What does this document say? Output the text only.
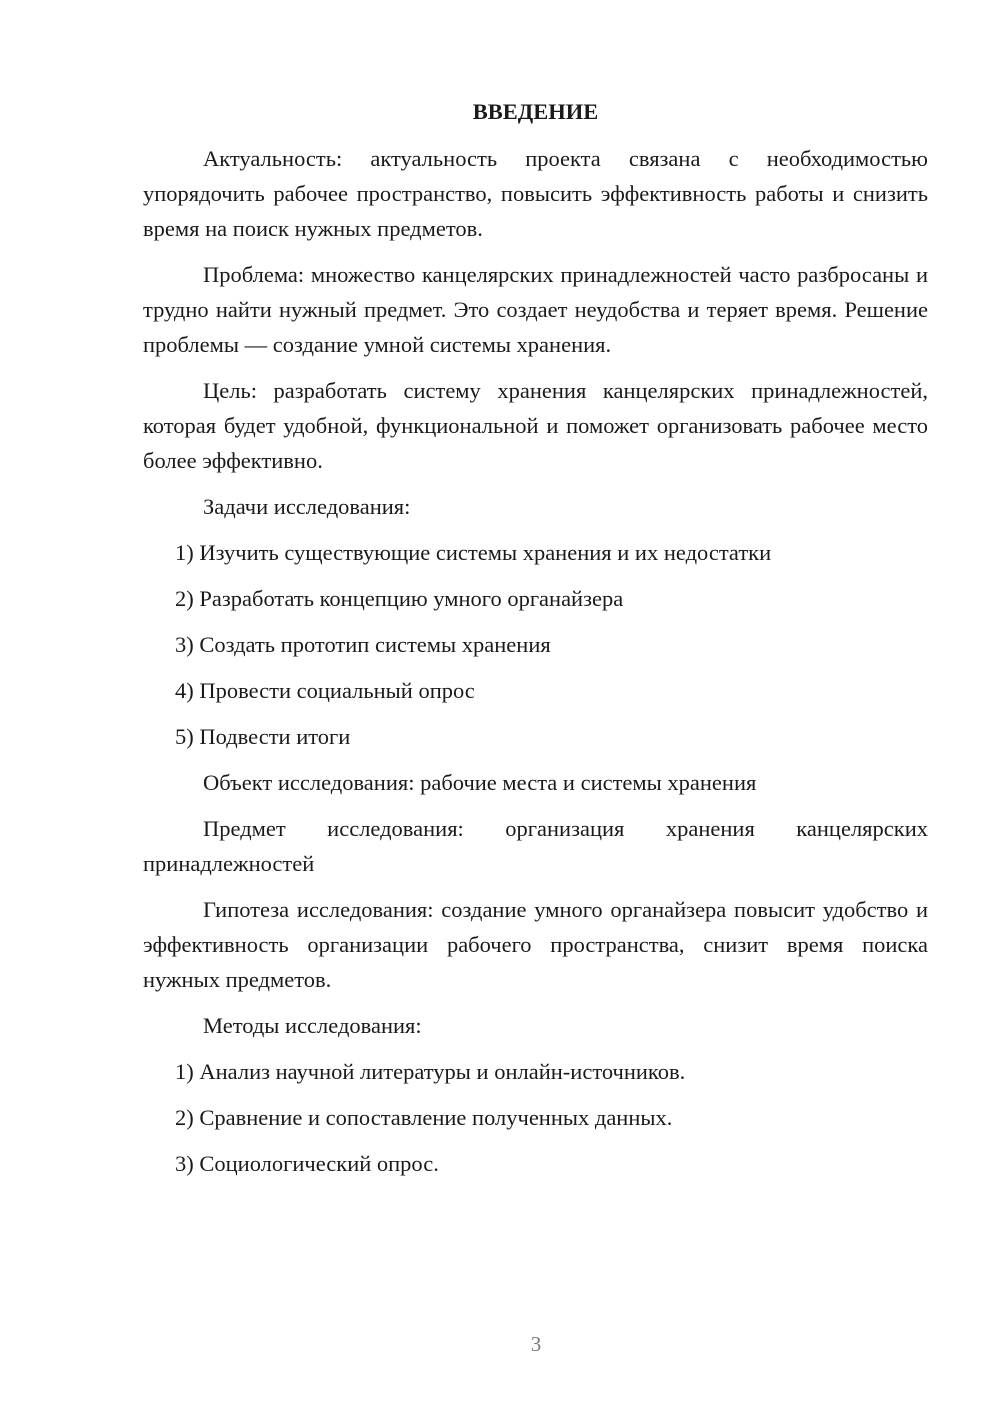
ВВЕДЕНИЕ
Актуальность: актуальность проекта связана с необходимостью упорядочить рабочее пространство, повысить эффективность работы и снизить время на поиск нужных предметов.
Проблема: множество канцелярских принадлежностей часто разбросаны и трудно найти нужный предмет. Это создает неудобства и теряет время. Решение проблемы — создание умной системы хранения.
Цель: разработать систему хранения канцелярских принадлежностей, которая будет удобной, функциональной и поможет организовать рабочее место более эффективно.
Задачи исследования:
1) Изучить существующие системы хранения и их недостатки
2) Разработать концепцию умного органайзера
3) Создать прототип системы хранения
4) Провести социальный опрос
5) Подвести итоги
Объект исследования: рабочие места и системы хранения
Предмет исследования: организация хранения канцелярских принадлежностей
Гипотеза исследования: создание умного органайзера повысит удобство и эффективность организации рабочего пространства, снизит время поиска нужных предметов.
Методы исследования:
1) Анализ научной литературы и онлайн-источников.
2) Сравнение и сопоставление полученных данных.
3) Социологический опрос.
3
